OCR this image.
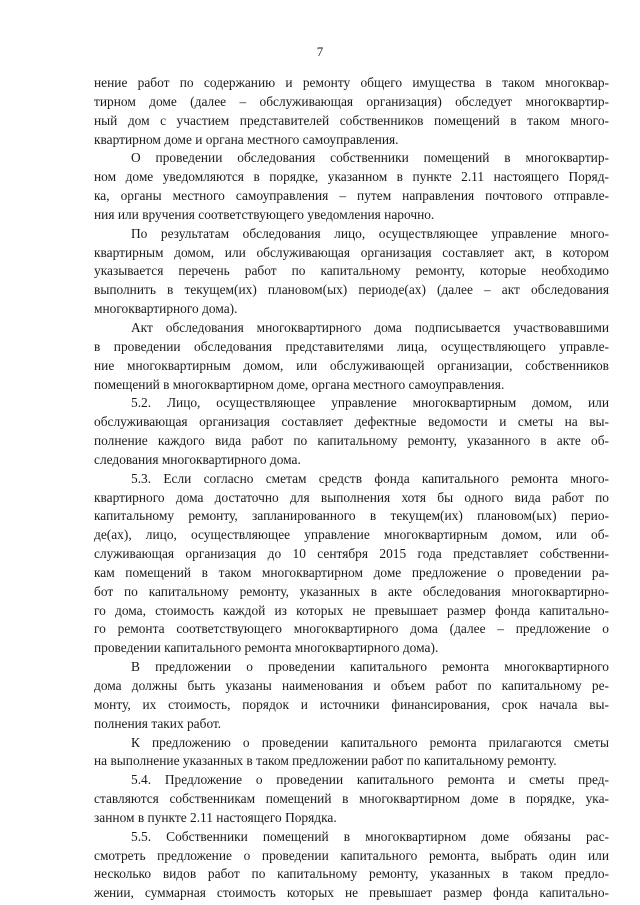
7
нение работ по содержанию и ремонту общего имущества в таком многоквар-
тирном доме (далее – обслуживающая организация) обследует многоквартир-
ный дом с участием представителей собственников помещений в таком много-
квартирном доме и органа местного самоуправления.
О проведении обследования собственники помещений в многоквартир-
ном доме уведомляются в порядке, указанном в пункте 2.11 настоящего Поряд-
ка, органы местного самоуправления – путем направления почтового отправле-
ния или вручения соответствующего уведомления нарочно.
По результатам обследования лицо, осуществляющее управление много-
квартирным домом, или обслуживающая организация составляет акт, в котором
указывается перечень работ по капитальному ремонту, которые необходимо
выполнить в текущем(их) плановом(ых) периоде(ах) (далее – акт обследования
многоквартирного дома).
Акт обследования многоквартирного дома подписывается участвовавшими
в проведении обследования представителями лица, осуществляющего управле-
ние многоквартирным домом, или обслуживающей организации, собственников
помещений в многоквартирном доме, органа местного самоуправления.
5.2. Лицо, осуществляющее управление многоквартирным домом, или
обслуживающая организация составляет дефектные ведомости и сметы на вы-
полнение каждого вида работ по капитальному ремонту, указанного в акте об-
следования многоквартирного дома.
5.3. Если согласно сметам средств фонда капитального ремонта много-
квартирного дома достаточно для выполнения хотя бы одного вида работ по
капитальному ремонту, запланированного в текущем(их) плановом(ых) перио-
де(ах), лицо, осуществляющее управление многоквартирным домом, или об-
служивающая организация до 10 сентября 2015 года представляет собственни-
кам помещений в таком многоквартирном доме предложение о проведении ра-
бот по капитальному ремонту, указанных в акте обследования многоквартирно-
го дома, стоимость каждой из которых не превышает размер фонда капитально-
го ремонта соответствующего многоквартирного дома (далее – предложение о
проведении капитального ремонта многоквартирного дома).
В предложении о проведении капитального ремонта многоквартирного
дома должны быть указаны наименования и объем работ по капитальному ре-
монту, их стоимость, порядок и источники финансирования, срок начала вы-
полнения таких работ.
К предложению о проведении капитального ремонта прилагаются сметы
на выполнение указанных в таком предложении работ по капитальному ремонту.
5.4. Предложение о проведении капитального ремонта и сметы пред-
ставляются собственникам помещений в многоквартирном доме в порядке, ука-
занном в пункте 2.11 настоящего Порядка.
5.5. Собственники помещений в многоквартирном доме обязаны рас-
смотреть предложение о проведении капитального ремонта, выбрать один или
несколько видов работ по капитальному ремонту, указанных в таком предло-
жении, суммарная стоимость которых не превышает размер фонда капитально-
